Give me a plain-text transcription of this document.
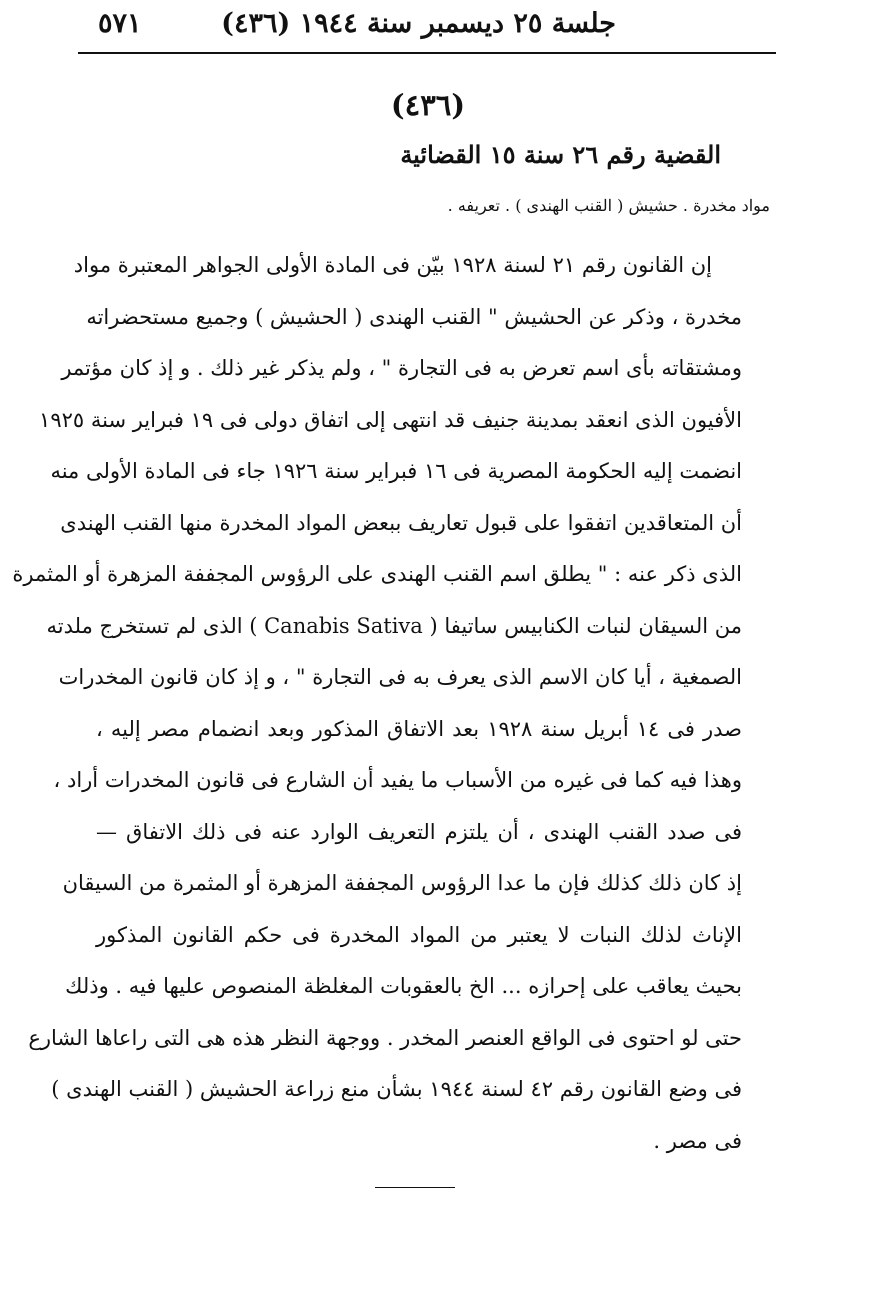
جلسة ٢٥ ديسمبر سنة ١٩٤٤ (٤٣٦)
٥٧١
(٤٣٦)
القضية رقم ٢٦ سنة ١٥ القضائية
مواد مخدرة . حشيش ( القنب الهندى ) . تعريفه .
إن القانون رقم ٢١ لسنة ١٩٢٨ بيّن فى المادة الأولى الجواهر المعتبرة مواد
مخدرة ، وذكر عن الحشيش " القنب الهندى ( الحشيش ) وجميع مستحضراته
ومشتقاته بأى اسم تعرض به فى التجارة " ، ولم يذكر غير ذلك . و إذ كان مؤتمر
الأفيون الذى انعقد بمدينة جنيف قد انتهى إلى اتفاق دولى فى ١٩ فبراير سنة ١٩٢٥
انضمت إليه الحكومة المصرية فى ١٦ فبراير سنة ١٩٢٦ جاء فى المادة الأولى منه
أن المتعاقدين اتفقوا على قبول تعاريف ببعض المواد المخدرة منها القنب الهندى
الذى ذكر عنه : " يطلق اسم القنب الهندى على الرؤوس المجففة المزهرة أو المثمرة
من السيقان لنبات الكنابيس ساتيفا ( Canabis Sativa ) الذى لم تستخرج ملدته
الصمغية ، أيا كان الاسم الذى يعرف به فى التجارة " ، و إذ كان قانون المخدرات
صدر فى ١٤ أبريل سنة ١٩٢٨ بعد الاتفاق المذكور وبعد انضمام مصر إليه ،
وهذا فيه كما فى غيره من الأسباب ما يفيد أن الشارع فى قانون المخدرات أراد ،
فى صدد القنب الهندى ، أن يلتزم التعريف الوارد عنه فى ذلك الاتفاق —
إذ كان ذلك كذلك فإن ما عدا الرؤوس المجففة المزهرة أو المثمرة من السيقان
الإناث لذلك النبات لا يعتبر من المواد المخدرة فى حكم القانون المذكور
بحيث يعاقب على إحرازه ... الخ بالعقوبات المغلظة المنصوص عليها فيه . وذلك
حتى لو احتوى فى الواقع العنصر المخدر . ووجهة النظر هذه هى التى راعاها الشارع
فى وضع القانون رقم ٤٢ لسنة ١٩٤٤ بشأن منع زراعة الحشيش ( القنب الهندى )
فى مصر .
